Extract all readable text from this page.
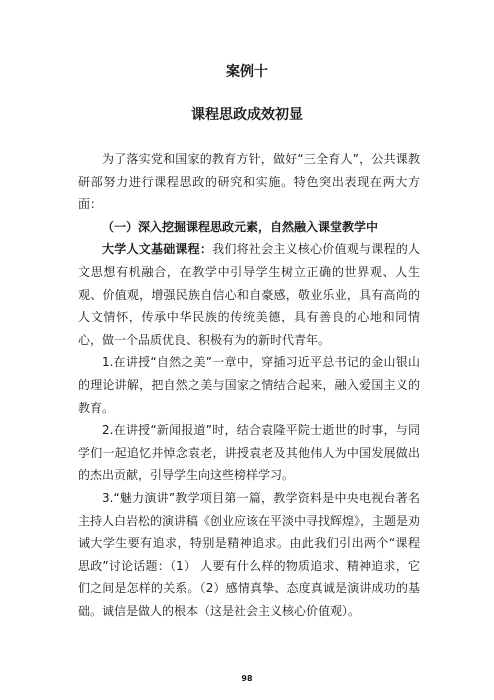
案例十
课程思政成效初显

为了落实党和国家的教育方针，做好“三全育人”，公共课教研部努力进行课程思政的研究和实施。特色突出表现在两大方面：

（一）深入挖掘课程思政元素，自然融入课堂教学中

大学人文基础课程：我们将社会主义核心价值观与课程的人文思想有机融合，在教学中引导学生树立正确的世界观、人生观、价值观，增强民族自信心和自豪感，敬业乐业，具有高尚的人文情怀，传承中华民族的传统美德，具有善良的心地和同情心，做一个品质优良、积极有为的新时代青年。

1.在讲授“自然之美”一章中，穿插习近平总书记的金山银山的理论讲解，把自然之美与国家之情结合起来，融入爱国主义的教育。

2.在讲授“新闻报道”时，结合袁隆平院士逝世的时事，与同学们一起追忆并悼念袁老，讲授袁老及其他伟人为中国发展做出的杰出贡献，引导学生向这些榜样学习。

3.“魅力演讲”教学项目第一篇，教学资料是中央电视台著名主持人白岩松的演讲稿《创业应该在平淡中寻找辉煌》，主题是劝诫大学生要有追求，特别是精神追求。由此我们引出两个“课程思政”讨论话题：（1） 人要有什么样的物质追求、精神追求，它们之间是怎样的关系。（2）感情真挚、态度真诚是演讲成功的基础。诚信是做人的根本（这是社会主义核心价值观）。

98
